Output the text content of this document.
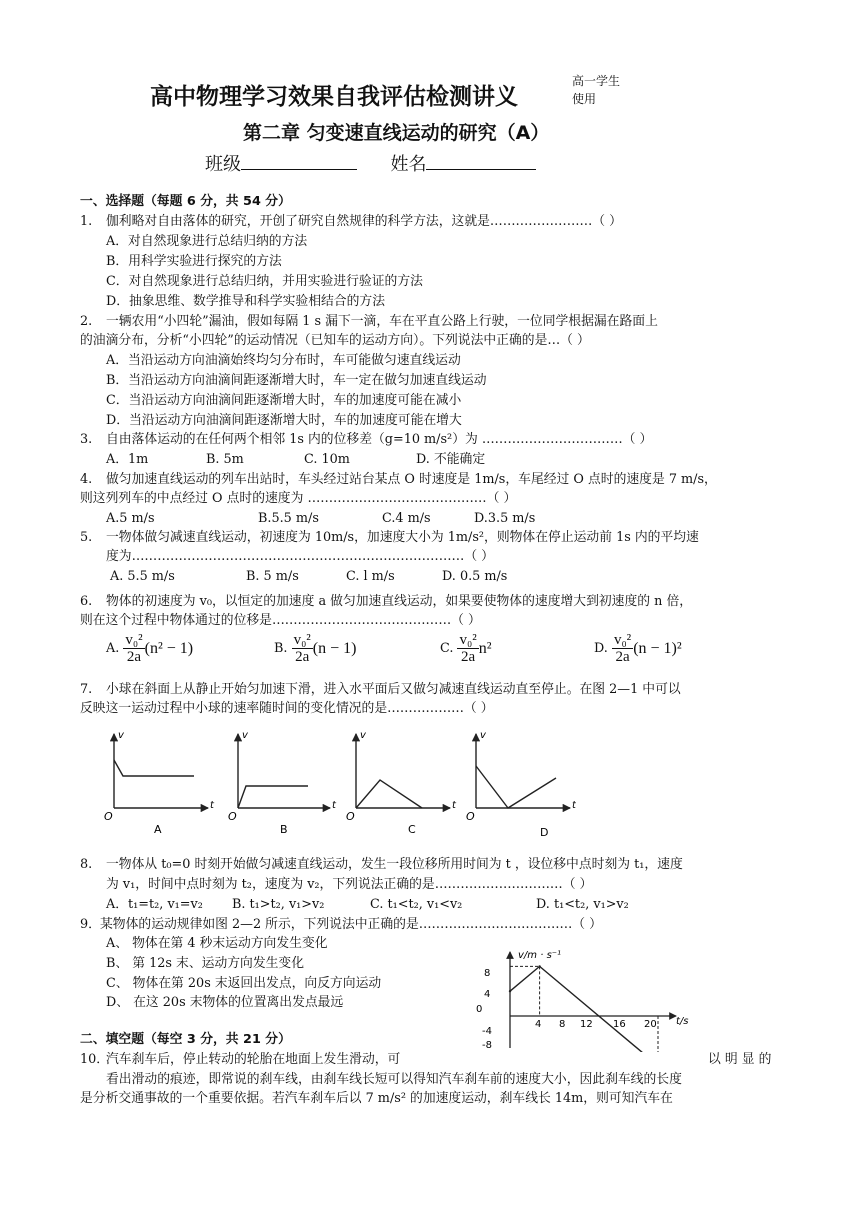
高中物理学习效果自我评估检测讲义
高一学生使用
第二章 匀变速直线运动的研究（A）
班级	姓名
一、选择题（每题 6 分，共 54 分）
1. 伽利略对自由落体的研究，开创了研究自然规律的科学方法，这就是……………………（ ）
A．对自然现象进行总结归纳的方法
B．用科学实验进行探究的方法
C．对自然现象进行总结归纳，并用实验进行验证的方法
D．抽象思维、数学推导和科学实验相结合的方法
2. 一辆农用“小四轮”漏油，假如每隔 1 s 漏下一滴，车在平直公路上行驶，一位同学根据漏在路面上
的油滴分布，分析“小四轮”的运动情况（已知车的运动方向）。下列说法中正确的是…（ ）
A．当沿运动方向油滴始终均匀分布时，车可能做匀速直线运动
B．当沿运动方向油滴间距逐渐增大时，车一定在做匀加速直线运动
C．当沿运动方向油滴间距逐渐增大时，车的加速度可能在减小
D．当沿运动方向油滴间距逐渐增大时，车的加速度可能在增大
3. 自由落体运动的在任何两个相邻 1s 内的位移差（g=10 m/s²）为 ……………………………（ ）
A．1m	B. 5m	C. 10m	D. 不能确定
4. 做匀加速直线运动的列车出站时，车头经过站台某点 O 时速度是 1m/s，车尾经过 O 点时的速度是 7 m/s，
则这列列车的中点经过 O 点时的速度为 ……………………………………（ ）
A.5 m/s	B.5.5 m/s	C.4 m/s	D.3.5 m/s
5. 一物体做匀减速直线运动，初速度为 10m/s，加速度大小为 1m/s²，则物体在停止运动前 1s 内的平均速
度为……………………………………………………………………（ ）
A. 5.5 m/s	B. 5 m/s	C. l m/s	D. 0.5 m/s
6. 物体的初速度为 v₀，以恒定的加速度 a 做匀加速直线运动，如果要使物体的速度增大到初速度的 n 倍，
则在这个过程中物体通过的位移是……………………………………（ ）
A. $\frac{\text{v₀²}}{2a} (n^2 - 1)$	B. $\frac{\text{v₀²}}{2a} (n - 1)$	C. $\frac{\text{v₀²}}{2a} n^2$	D. $\frac{\text{v₀²}}{2a} (n - 1)^2$
7. 小球在斜面上从静止开始匀加速下滑，进入水平面后又做匀减速直线运动直至停止。在图 2—1 中可以
反映这一运动过程中小球的速率随时间的变化情况的是………………（ ）
v
t
O
A
v
t
O
B
v
t
O
C
v
t
O
D
8. 一物体从 t₀=0 时刻开始做匀减速直线运动，发生一段位移所用时间为 t ，设位移中点时刻为 t₁，速度
为 v₁，时间中点时刻为 t₂，速度为 v₂，下列说法正确的是…………………………（ ）
A．t₁=t₂, v₁=v₂ B. t₁>t₂, v₁>v₂	C. t₁<t₂, v₁<v₂	D. t₁<t₂, v₁>v₂
9． 某物体的运动规律如图 2—2 所示，下列说法中正确的是………………………………（ ）
A、 物体在第 4 秒末运动方向发生变化
B、 第 12s 末、运动方向发生变化
C、 物体在第 20s 末返回出发点，向反方向运动
D、 在这 20s 末物体的位置离出发点最远
v/m · s⁻¹
t/s
8
4
0
-4
-8
4 8 12 16 20
二、填空题（每空 3 分，共 21 分）
10．
汽车刹车后，停止转动的轮胎在地面上发生滑动，可	以 明 显 的
看出滑动的痕迹，即常说的刹车线，由刹车线长短可以得知汽车刹车前的速度大小，因此刹车线的长度
是分析交通事故的一个重要依据。若汽车刹车后以 7 m/s² 的加速度运动，刹车线长 14m，则可知汽车在
